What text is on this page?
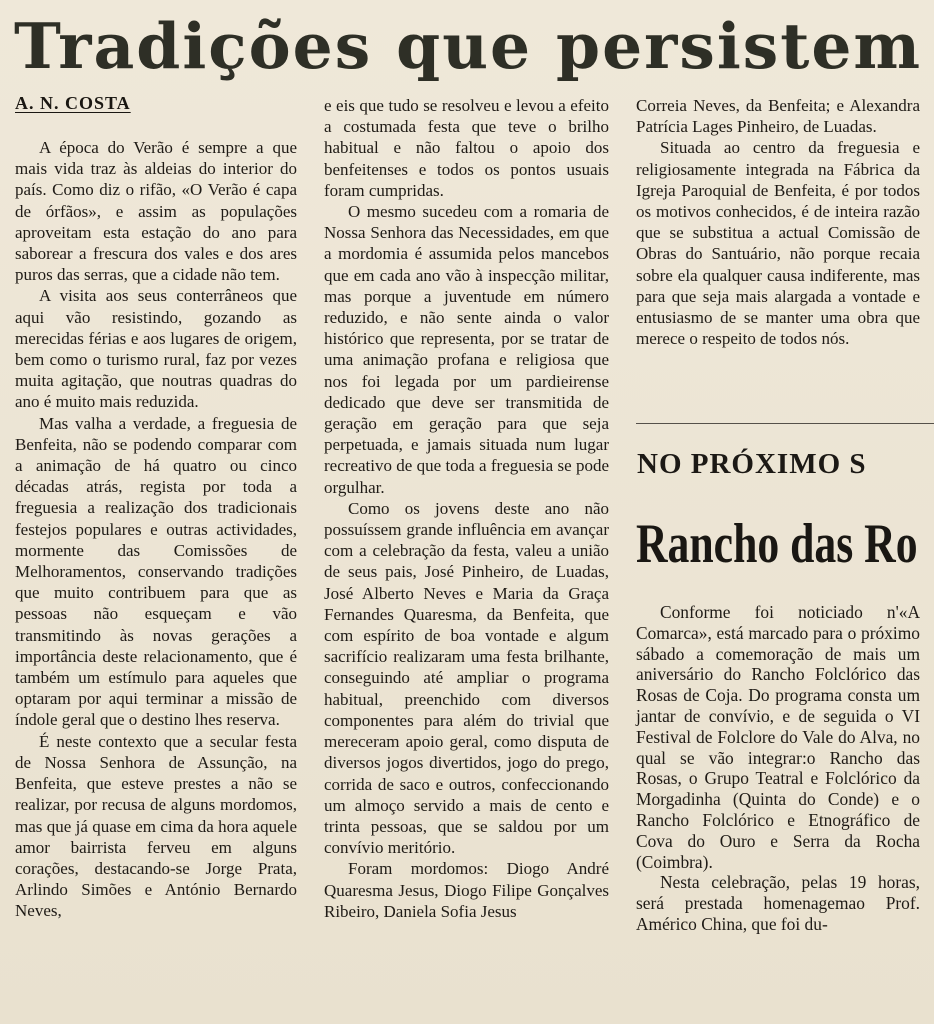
Tradições que persistem
A. N. COSTA

A época do Verão é sempre a que mais vida traz às aldeias do interior do país. Como diz o rifão, «O Verão é capa de órfãos», e assim as populações aproveitam esta estação do ano para saborear a frescura dos vales e dos ares puros das serras, que a cidade não tem.

A visita aos seus conterrâneos que aqui vão resistindo, gozando as merecidas férias e aos lugares de origem, bem como o turismo rural, faz por vezes muita agitação, que noutras quadras do ano é muito mais reduzida.

Mas valha a verdade, a freguesia de Benfeita, não se podendo comparar com a animação de há quatro ou cinco décadas atrás, regista por toda a freguesia a realização dos tradicionais festejos populares e outras actividades, mormente das Comissões de Melhoramentos, conservando tradições que muito contribuem para que as pessoas não esqueçam e vão transmitindo às novas gerações a importância deste relacionamento, que é também um estímulo para aqueles que optaram por aqui terminar a missão de índole geral que o destino lhes reserva.

É neste contexto que a secular festa de Nossa Senhora de Assunção, na Benfeita, que esteve prestes a não se realizar, por recusa de alguns mordomos, mas que já quase em cima da hora aquele amor bairrista ferveu em alguns corações, destacando-se Jorge Prata, Arlindo Simões e António Bernardo Neves,

e eis que tudo se resolveu e levou a efeito a costumada festa que teve o brilho habitual e não faltou o apoio dos benfeitenses e todos os pontos usuais foram cumpridas.

O mesmo sucedeu com a romaria de Nossa Senhora das Necessidades, em que a mordomia é assumida pelos mancebos que em cada ano vão à inspecção militar, mas porque a juventude em número reduzido, e não sente ainda o valor histórico que representa, por se tratar de uma animação profana e religiosa que nos foi legada por um pardieirense dedicado que deve ser transmitida de geração em geração para que seja perpetuada, e jamais situada num lugar recreativo de que toda a freguesia se pode orgulhar.

Como os jovens deste ano não possuíssem grande influência em avançar com a celebração da festa, valeu a união de seus pais, José Pinheiro, de Luadas, José Alberto Neves e Maria da Graça Fernandes Quaresma, da Benfeita, que com espírito de boa vontade e algum sacrifício realizaram uma festa brilhante, conseguindo até ampliar o programa habitual, preenchido com diversos componentes para além do trivial que mereceram apoio geral, como disputa de diversos jogos divertidos, jogo do prego, corrida de saco e outros, confeccionando um almoço servido a mais de cento e trinta pessoas, que se saldou por um convívio meritório.

Foram mordomos: Diogo André Quaresma Jesus, Diogo Filipe Gonçalves Ribeiro, Daniela Sofia Jesus

Correia Neves, da Benfeita; e Alexandra Patrícia Lages Pinheiro, de Luadas.

Situada ao centro da freguesia e religiosamente integrada na Fábrica da Igreja Paroquial de Benfeita, é por todos os motivos conhecidos, é de inteira razão que se substitua a actual Comissão de Obras do Santuário, não porque recaia sobre ela qualquer causa indiferente, mas para que seja mais alargada a vontade e entusiasmo de se manter uma obra que merece o respeito de todos nós.

NO PRÓXIMO S
Rancho das Ro

Conforme foi noticiado n'«A Comarca», está marcado para o próximo sábado a comemoração de mais um aniversário do Rancho Folclórico das Rosas de Coja. Do programa consta um jantar de convívio, e de seguida o VI Festival de Folclore do Vale do Alva, no qual se vão integrar:o Rancho das Rosas, o Grupo Teatral e Folclórico da Morgadinha (Quinta do Conde) e o Rancho Folclórico e Etnográfico de Cova do Ouro e Serra da Rocha (Coimbra).

Nesta celebração, pelas 19 horas, será prestada homenagemao Prof. Américo China, que foi du-
